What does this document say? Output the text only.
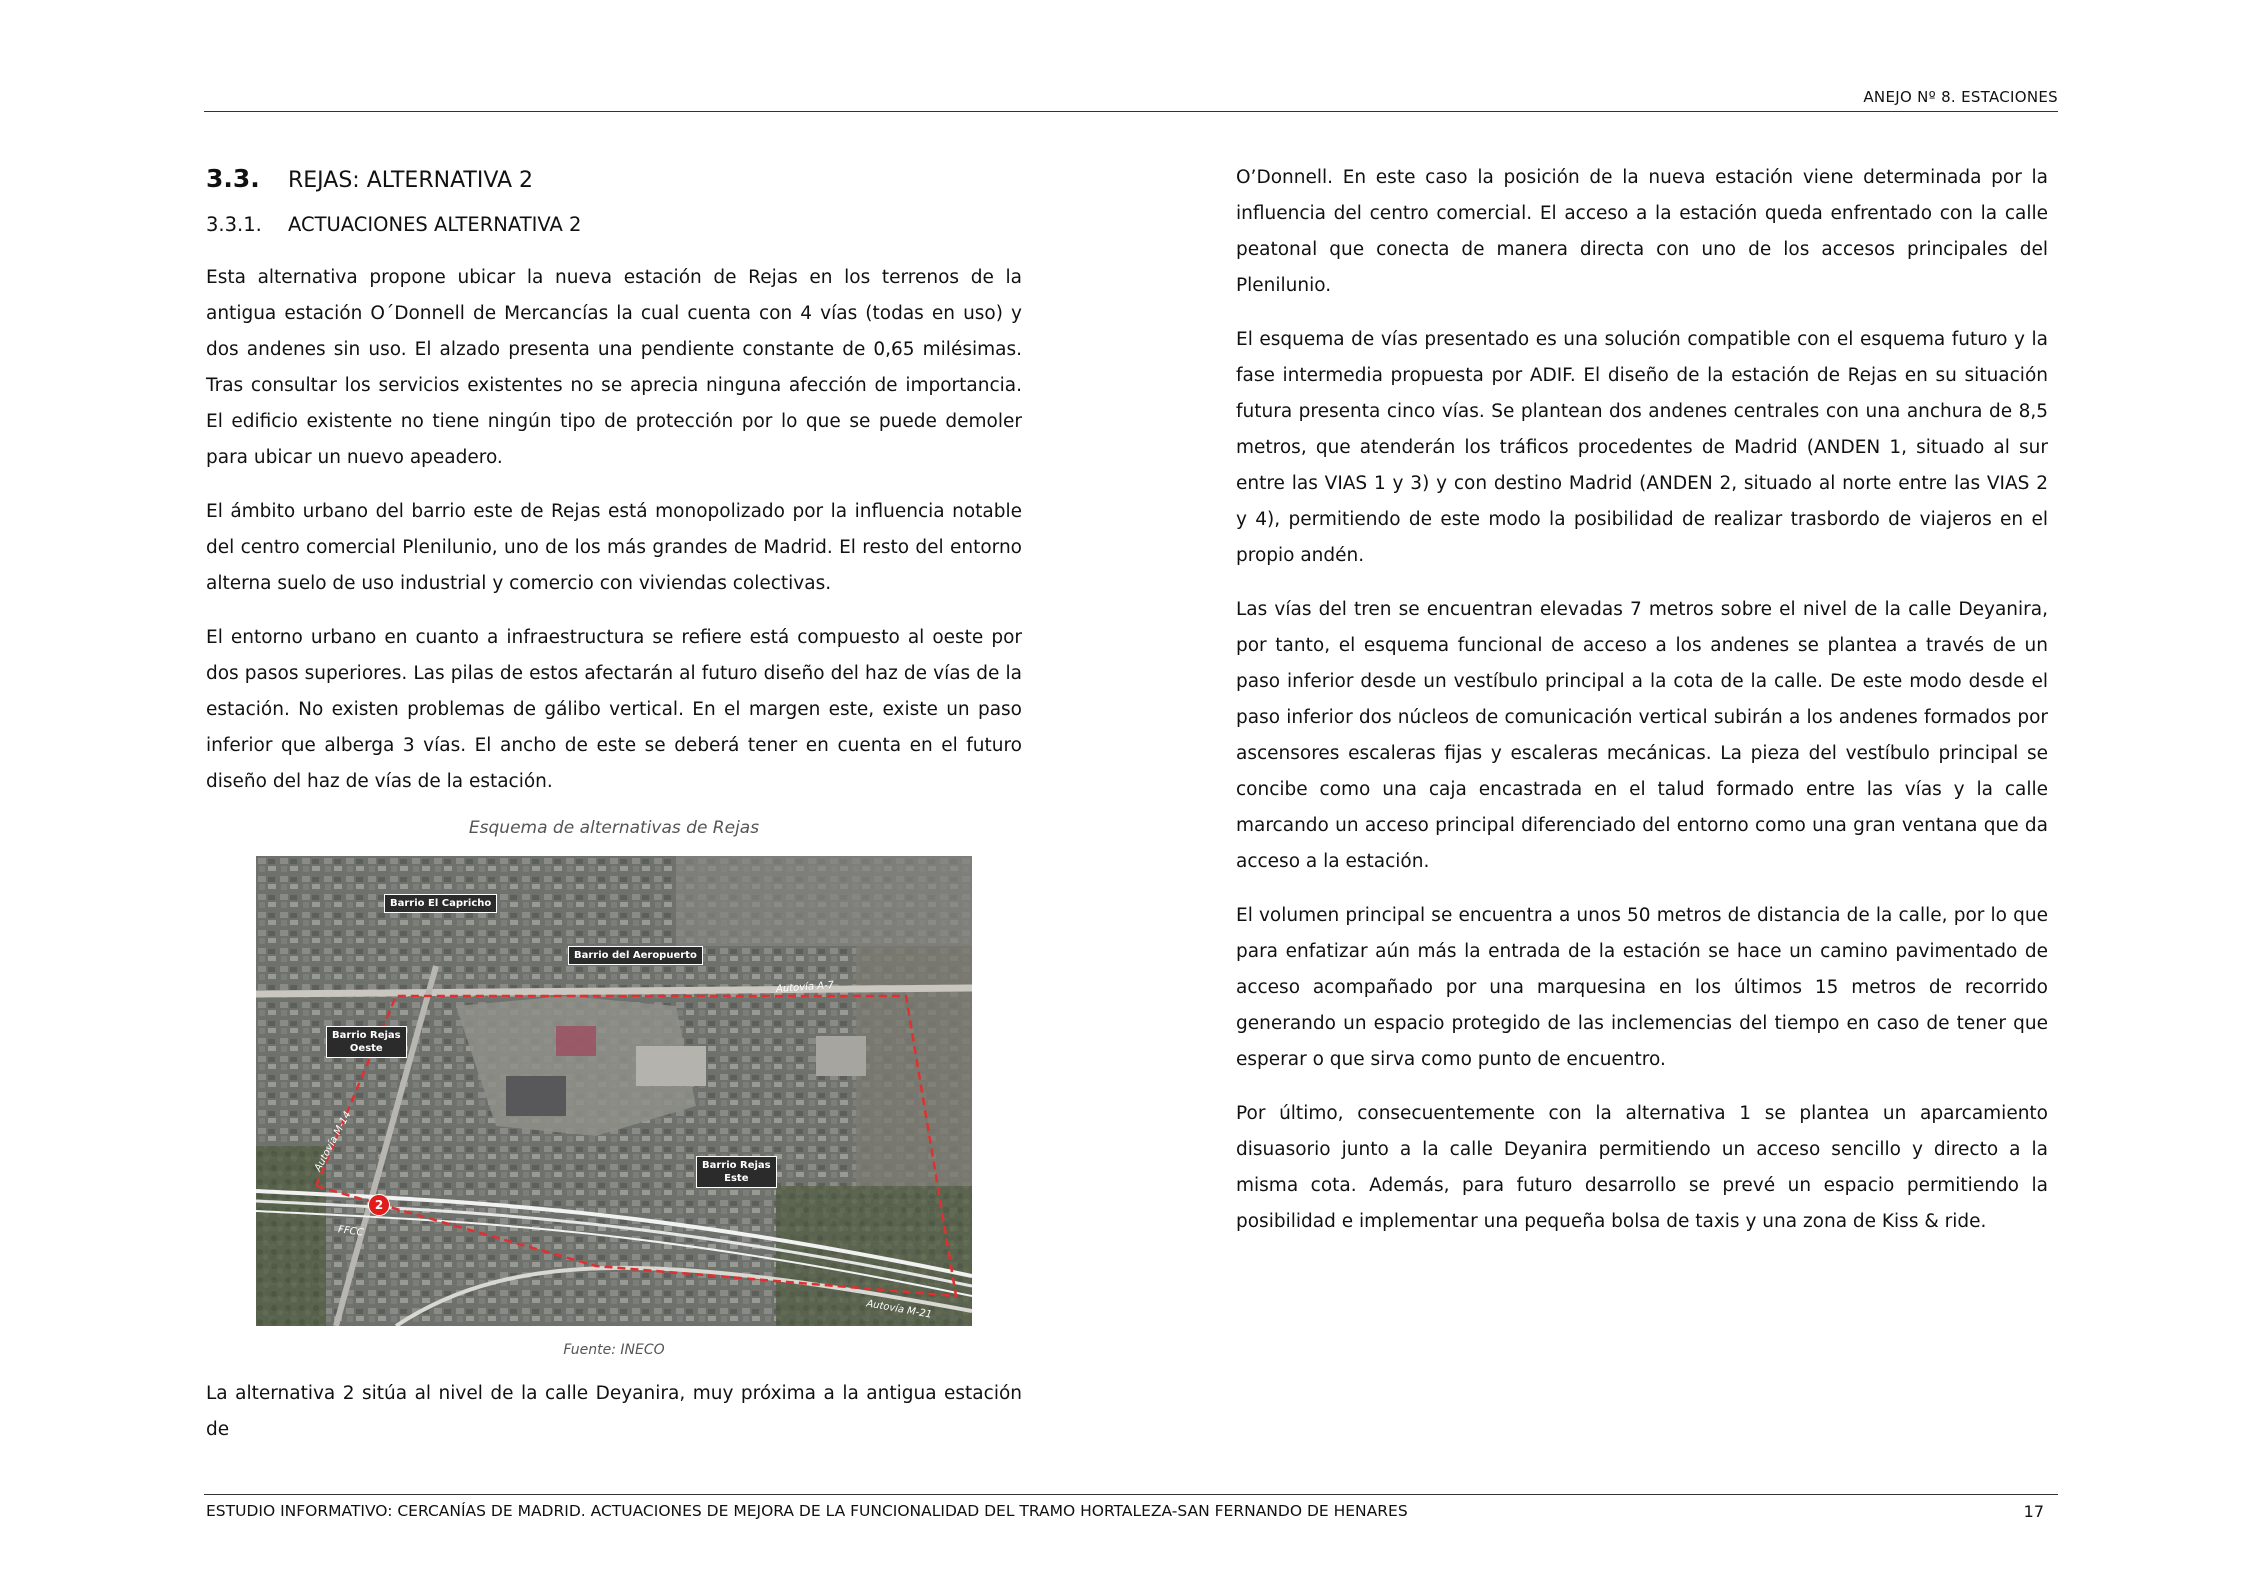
ANEJO Nº 8. ESTACIONES
3.3.	REJAS: ALTERNATIVA 2
3.3.1.	ACTUACIONES ALTERNATIVA 2

Esta alternativa propone ubicar la nueva estación de Rejas en los terrenos de la antigua estación O´Donnell de Mercancías la cual cuenta con 4 vías (todas en uso) y dos andenes sin uso. El alzado presenta una pendiente constante de 0,65 milésimas. Tras consultar los servicios existentes no se aprecia ninguna afección de importancia. El edificio existente no tiene ningún tipo de protección por lo que se puede demoler para ubicar un nuevo apeadero.

El ámbito urbano del barrio este de Rejas está monopolizado por la influencia notable del centro comercial Plenilunio, uno de los más grandes de Madrid. El resto del entorno alterna suelo de uso industrial y comercio con viviendas colectivas.

El entorno urbano en cuanto a infraestructura se refiere está compuesto al oeste por dos pasos superiores. Las pilas de estos afectarán al futuro diseño del haz de vías de la estación. No existen problemas de gálibo vertical. En el margen este, existe un paso inferior que alberga 3 vías. El ancho de este se deberá tener en cuenta en el futuro diseño del haz de vías de la estación.

Esquema de alternativas de Rejas
Barrio El Capricho
Barrio del Aeropuerto
Barrio Rejas
Oeste
Barrio Rejas
Este
Autovía A-7
Autovía M-14
Autovía M-21
FFCC
2
Fuente: INECO

La alternativa 2 sitúa al nivel de la calle Deyanira, muy próxima a la antigua estación de

O’Donnell. En este caso la posición de la nueva estación viene determinada por la influencia del centro comercial. El acceso a la estación queda enfrentado con la calle peatonal que conecta de manera directa con uno de los accesos principales del Plenilunio.

El esquema de vías presentado es una solución compatible con el esquema futuro y la fase intermedia propuesta por ADIF. El diseño de la estación de Rejas en su situación futura presenta cinco vías. Se plantean dos andenes centrales con una anchura de 8,5 metros, que atenderán los tráficos procedentes de Madrid (ANDEN 1, situado al sur entre las VIAS 1 y 3) y con destino Madrid (ANDEN 2, situado al norte entre las VIAS 2 y 4), permitiendo de este modo la posibilidad de realizar trasbordo de viajeros en el propio andén.

Las vías del tren se encuentran elevadas 7 metros sobre el nivel de la calle Deyanira, por tanto, el esquema funcional de acceso a los andenes se plantea a través de un paso inferior desde un vestíbulo principal a la cota de la calle. De este modo desde el paso inferior dos núcleos de comunicación vertical subirán a los andenes formados por ascensores escaleras fijas y escaleras mecánicas. La pieza del vestíbulo principal se concibe como una caja encastrada en el talud formado entre las vías y la calle marcando un acceso principal diferenciado del entorno como una gran ventana que da acceso a la estación.

El volumen principal se encuentra a unos 50 metros de distancia de la calle, por lo que para enfatizar aún más la entrada de la estación se hace un camino pavimentado de acceso acompañado por una marquesina en los últimos 15 metros de recorrido generando un espacio protegido de las inclemencias del tiempo en caso de tener que esperar o que sirva como punto de encuentro.

Por último, consecuentemente con la alternativa 1 se plantea un aparcamiento disuasorio junto a la calle Deyanira permitiendo un acceso sencillo y directo a la misma cota. Además, para futuro desarrollo se prevé un espacio permitiendo la posibilidad e implementar una pequeña bolsa de taxis y una zona de Kiss & ride.

ESTUDIO INFORMATIVO: CERCANÍAS DE MADRID. ACTUACIONES DE MEJORA DE LA FUNCIONALIDAD DEL TRAMO HORTALEZA-SAN FERNANDO DE HENARES	17
